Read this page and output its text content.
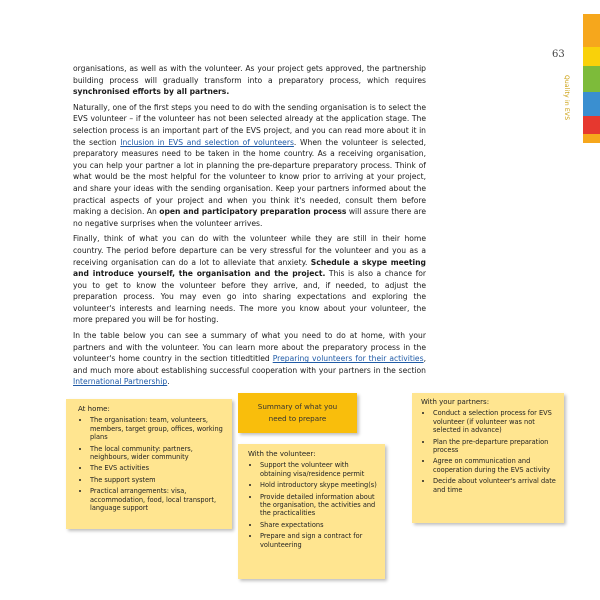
63
Quality in EVS

organisations, as well as with the volunteer. As your project gets approved, the partnership building process will gradually transform into a preparatory process, which requires synchronised efforts by all partners.

Naturally, one of the first steps you need to do with the sending organisation is to select the EVS volunteer – if the volunteer has not been selected already at the application stage. The selection process is an important part of the EVS project, and you can read more about it in the section Inclusion in EVS and selection of volunteers. When the volunteer is selected, preparatory measures need to be taken in the home country. As a receiving organisation, you can help your partner a lot in planning the pre-departure preparatory process. Think of what would be the most helpful for the volunteer to know prior to arriving at your project, and share your ideas with the sending organisation. Keep your partners informed about the practical aspects of your project and when you think it's needed, consult them before making a decision. An open and participatory preparation process will assure there are no negative surprises when the volunteer arrives.

Finally, think of what you can do with the volunteer while they are still in their home country. The period before departure can be very stressful for the volunteer and you as a receiving organisation can do a lot to alleviate that anxiety. Schedule a skype meeting and introduce yourself, the organisation and the project. This is also a chance for you to get to know the volunteer before they arrive, and, if needed, to adjust the preparation process. You may even go into sharing expectations and exploring the volunteer's interests and learning needs. The more you know about your volunteer, the more prepared you will be for hosting.

In the table below you can see a summary of what you need to do at home, with your partners and with the volunteer. You can learn more about the preparatory process in the volunteer's home country in the section titledtitled Preparing volunteers for their activities, and much more about establishing successful cooperation with your partners in the section International Partnership.

Summary of what you need to prepare
At home:
• The organisation: team, volunteers, members, target group, offices, working plans
• The local community: partners, neighbours, wider community
• The EVS activities
• The support system
• Practical arrangements: visa, accommodation, food, local transport, language support
With the volunteer:
• Support the volunteer with obtaining visa/residence permit
• Hold introductory skype meeting(s)
• Provide detailed information about the organisation, the activities and the practicalities
• Share expectations
• Prepare and sign a contract for volunteering
With your partners:
• Conduct a selection process for EVS volunteer (if volunteer was not selected in advance)
• Plan the pre-departure preparation process
• Agree on communication and cooperation during the EVS activity
• Decide about volunteer's arrival date and time
